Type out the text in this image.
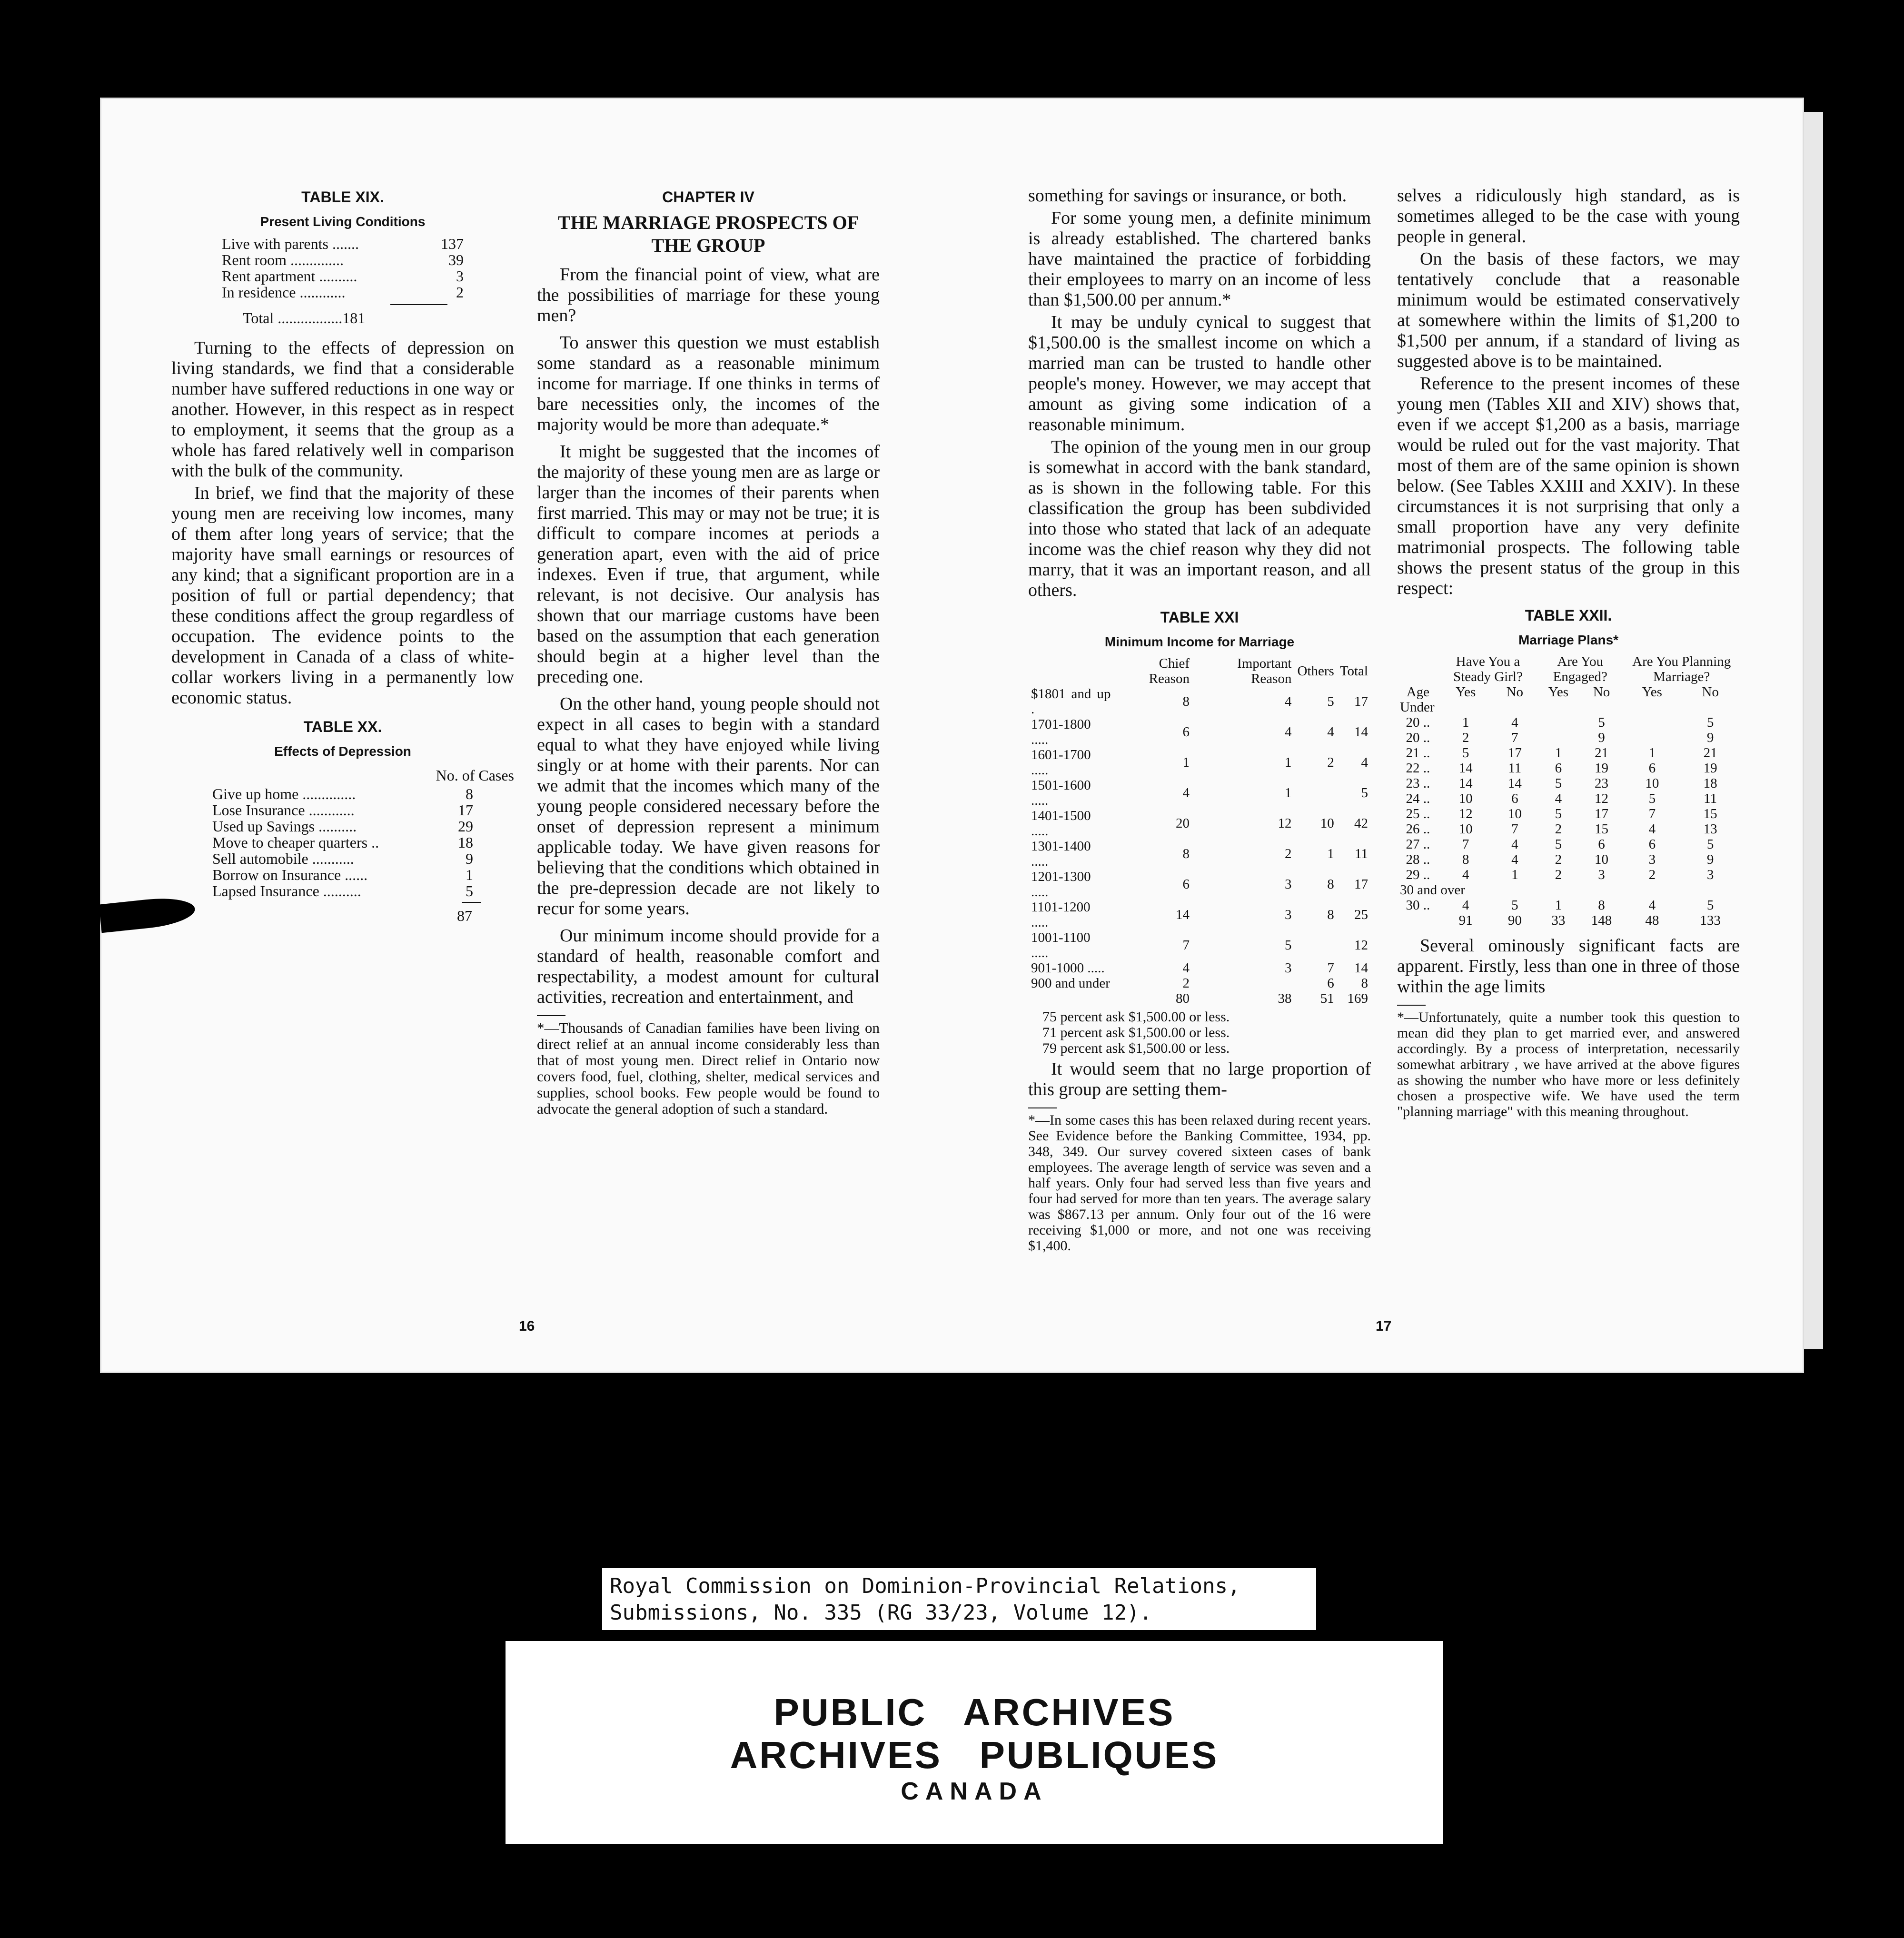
TABLE XIX.
Present Living Conditions
Live with parents .......	137
Rent room ..............	39
Rent apartment ..........	3
In residence ............	2
Total .................181

Turning to the effects of depression on living standards, we find that a considerable number have suffered reductions in one way or another. However, in this respect as in respect to employment, it seems that the group as a whole has fared relatively well in comparison with the bulk of the community.

In brief, we find that the majority of these young men are receiving low incomes, many of them after long years of service; that the majority have small earnings or resources of any kind; that a significant proportion are in a position of full or partial dependency; that these conditions affect the group regardless of occupation. The evidence points to the development in Canada of a class of white-collar workers living in a permanently low economic status.

TABLE XX.
Effects of Depression
No. of Cases
Give up home ..............	8
Lose Insurance ............	17
Used up Savings ..........	29
Move to cheaper quarters ..	18
Sell automobile ...........	9
Borrow on Insurance ......	1
Lapsed Insurance ..........	5
87
CHAPTER IV
THE MARRIAGE PROSPECTS OF THE GROUP

From the financial point of view, what are the possibilities of marriage for these young men?

To answer this question we must establish some standard as a reasonable minimum income for marriage. If one thinks in terms of bare necessities only, the incomes of the majority would be more than adequate.*

It might be suggested that the incomes of the majority of these young men are as large or larger than the incomes of their parents when first married. This may or may not be true; it is difficult to compare incomes at periods a generation apart, even with the aid of price indexes. Even if true, that argument, while relevant, is not decisive. Our analysis has shown that our marriage customs have been based on the assumption that each generation should begin at a higher level than the preceding one.

On the other hand, young people should not expect in all cases to begin with a standard equal to what they have enjoyed while living singly or at home with their parents. Nor can we admit that the incomes which many of the young people considered necessary before the onset of depression represent a minimum applicable today. We have given reasons for believing that the conditions which obtained in the pre-depression decade are not likely to recur for some years.

Our minimum income should provide for a standard of health, reasonable comfort and respectability, a modest amount for cultural activities, recreation and entertainment, and

*—Thousands of Canadian families have been living on direct relief at an annual income considerably less than that of most young men. Direct relief in Ontario now covers food, fuel, clothing, shelter, medical services and supplies, school books. Few people would be found to advocate the general adoption of such a standard.
16

something for savings or insurance, or both.

For some young men, a definite minimum is already established. The chartered banks have maintained the practice of forbidding their employees to marry on an income of less than $1,500.00 per annum.*

It may be unduly cynical to suggest that $1,500.00 is the smallest income on which a married man can be trusted to handle other people's money. However, we may accept that amount as giving some indication of a reasonable minimum.

The opinion of the young men in our group is somewhat in accord with the bank standard, as is shown in the following table. For this classification the group has been subdivided into those who stated that lack of an adequate income was the chief reason why they did not marry, that it was an important reason, and all others.

TABLE XXI
Minimum Income for Marriage
	Chief Reason	Important Reason	Others	Total
$1801 and up .	8	4	5	17
1701-1800 .....	6	4	4	14
1601-1700 .....	1	1	2	4
1501-1600 .....	4	1		5
1401-1500 .....	20	12	10	42
1301-1400 .....	8	2	1	11
1201-1300 .....	6	3	8	17
1101-1200 .....	14	3	8	25
1001-1100 .....	7	5		12
901-1000 .....	4	3	7	14
900 and under	2		6	8
	80	38	51	169
75 percent ask $1,500.00 or less.
71 percent ask $1,500.00 or less.
79 percent ask $1,500.00 or less.

It would seem that no large proportion of this group are setting them-

*—In some cases this has been relaxed during recent years. See Evidence before the Banking Committee, 1934, pp. 348, 349. Our survey covered sixteen cases of bank employees. The average length of service was seven and a half years. Only four had served less than five years and four had served for more than ten years. The average salary was $867.13 per annum. Only four out of the 16 were receiving $1,000 or more, and not one was receiving $1,400.
17

selves a ridiculously high standard, as is sometimes alleged to be the case with young people in general.

On the basis of these factors, we may tentatively conclude that a reasonable minimum would be estimated conservatively at somewhere within the limits of $1,200 to $1,500 per annum, if a standard of living as suggested above is to be maintained.

Reference to the present incomes of these young men (Tables XII and XIV) shows that, even if we accept $1,200 as a basis, marriage would be ruled out for the vast majority. That most of them are of the same opinion is shown below. (See Tables XXIII and XXIV). In these circumstances it is not surprising that only a small proportion have any very definite matrimonial prospects. The following table shows the present status of the group in this respect:

TABLE XXII.
Marriage Plans*
	Have You a Steady Girl?		Are You Engaged?		Are You Planning Marriage?	
Age	Yes	No	Yes	No	Yes	No
Under						
20 ..	1	4		5		5
20 ..	2	7		9		9
21 ..	5	17	1	21	1	21
22 ..	14	11	6	19	6	19
23 ..	14	14	5	23	10	18
24 ..	10	6	4	12	5	11
25 ..	12	10	5	17	7	15
26 ..	10	7	2	15	4	13
27 ..	7	4	5	6	6	5
28 ..	8	4	2	10	3	9
29 ..	4	1	2	3	2	3
30 and over						
30 ..	4	5	1	8	4	5
	91	90	33	148	48	133

Several ominously significant facts are apparent. Firstly, less than one in three of those within the age limits

*—Unfortunately, quite a number took this question to mean did they plan to get married ever, and answered accordingly. By a process of interpretation, necessarily somewhat arbitrary , we have arrived at the above figures as showing the number who have more or less definitely chosen a prospective wife. We have used the term "planning marriage" with this meaning throughout.
Royal Commission on Dominion-Provincial Relations,
Submissions, No. 335 (RG 33/23, Volume 12).
PUBLIC   ARCHIVES
ARCHIVES   PUBLIQUES
CANADA
